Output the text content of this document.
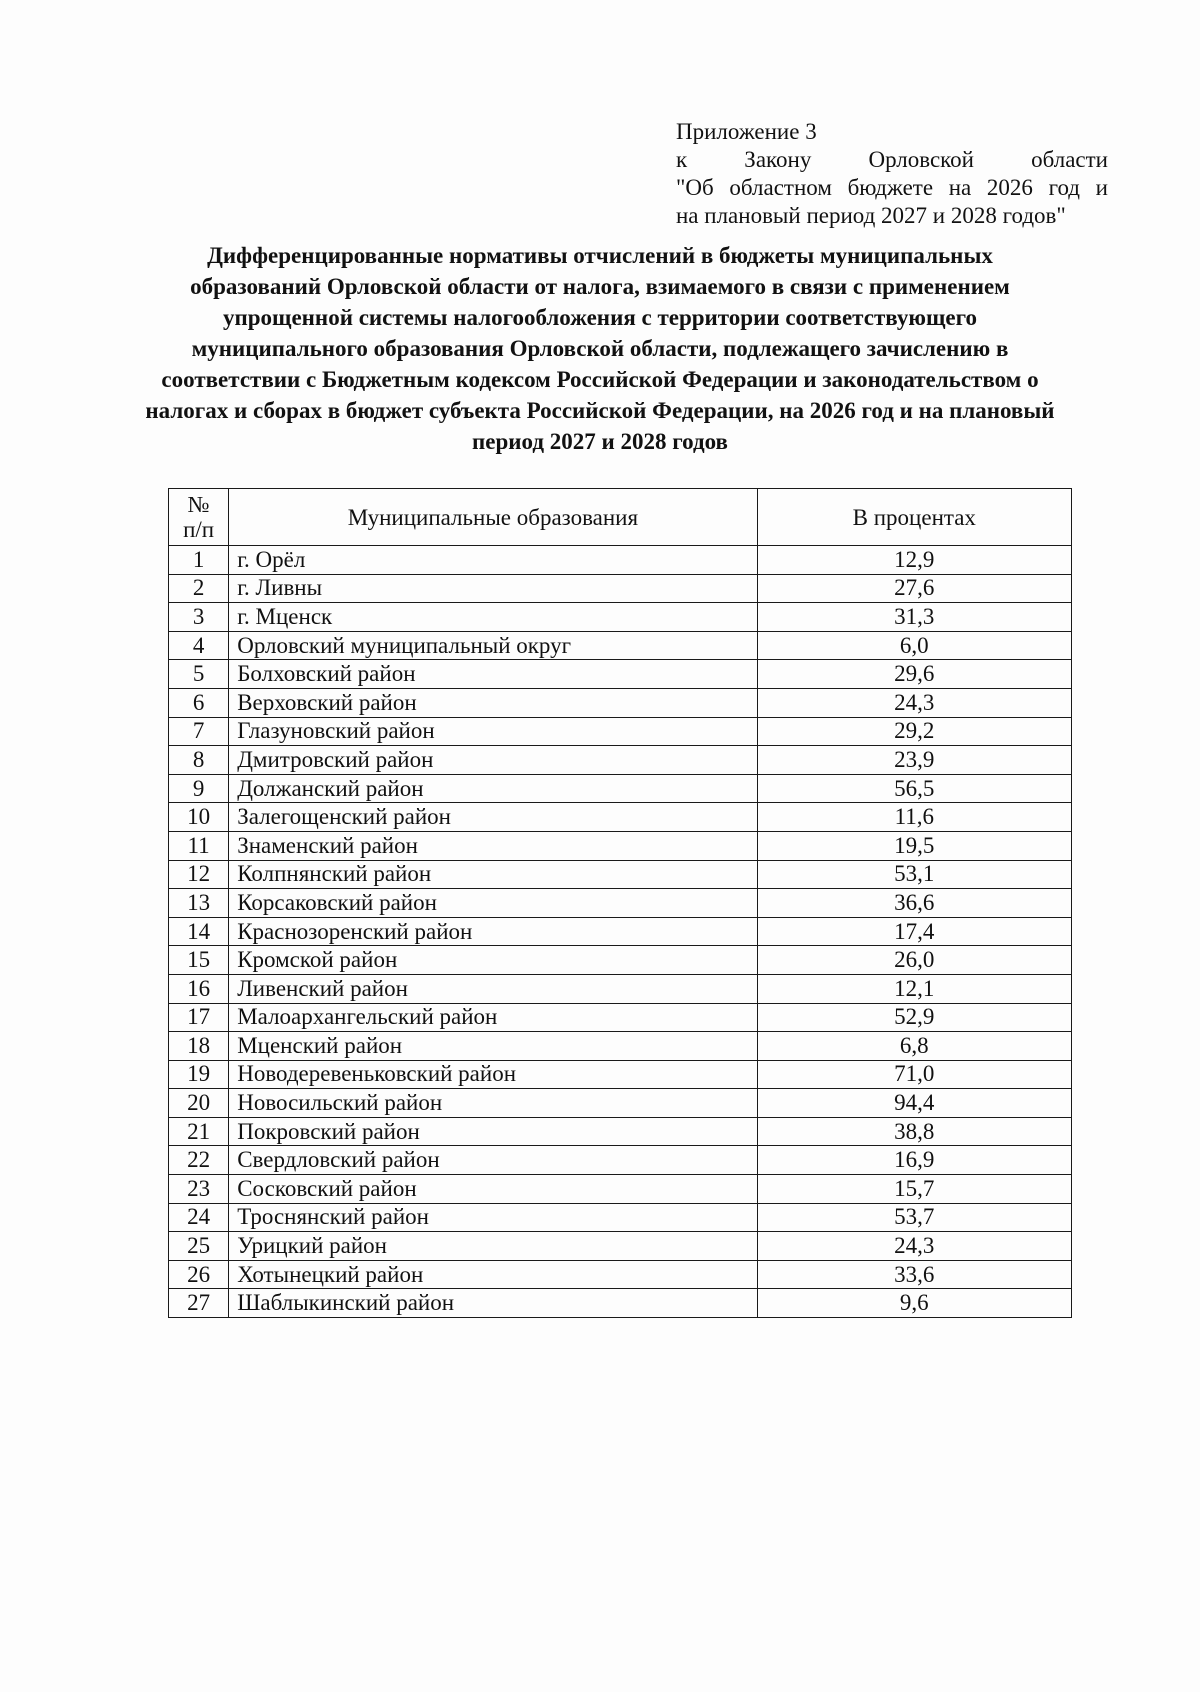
Приложение 3
к Закону Орловской области
"Об областном бюджете на 2026 год и
на плановый период 2027 и 2028 годов"
Дифференцированные нормативы отчислений в бюджеты муниципальных
образований Орловской области от налога, взимаемого в связи с применением
упрощенной системы налогообложения с территории соответствующего
муниципального образования Орловской области, подлежащего зачислению в
соответствии с Бюджетным кодексом Российской Федерации и законодательством о
налогах и сборах в бюджет субъекта Российской Федерации, на 2026 год и на плановый
период 2027 и 2028 годов
№
п/п	Муниципальные образования	В процентах
1	г. Орёл	12,9
2	г. Ливны	27,6
3	г. Мценск	31,3
4	Орловский муниципальный округ	6,0
5	Болховский район	29,6
6	Верховский район	24,3
7	Глазуновский район	29,2
8	Дмитровский район	23,9
9	Должанский район	56,5
10	Залегощенский район	11,6
11	Знаменский район	19,5
12	Колпнянский район	53,1
13	Корсаковский район	36,6
14	Краснозоренский район	17,4
15	Кромской район	26,0
16	Ливенский район	12,1
17	Малоархангельский район	52,9
18	Мценский район	6,8
19	Новодеревеньковский район	71,0
20	Новосильский район	94,4
21	Покровский район	38,8
22	Свердловский район	16,9
23	Сосковский район	15,7
24	Троснянский район	53,7
25	Урицкий район	24,3
26	Хотынецкий район	33,6
27	Шаблыкинский район	9,6
